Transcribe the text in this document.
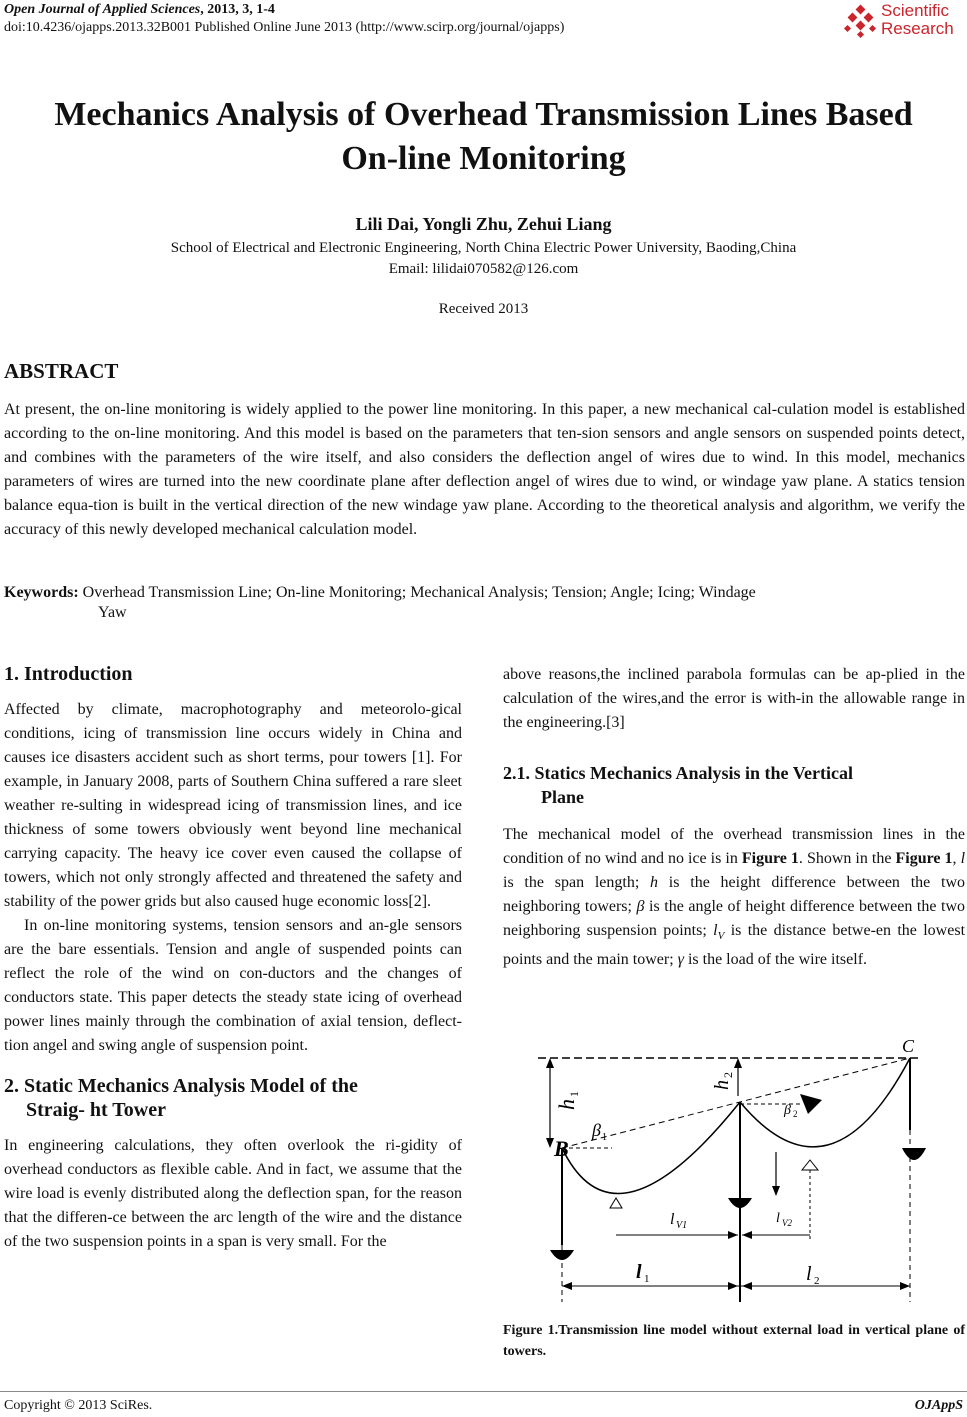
Open Journal of Applied Sciences, 2013, 3, 1-4
doi:10.4236/ojapps.2013.32B001 Published Online June 2013 (http://www.scirp.org/journal/ojapps)
Scientific
Research
Mechanics Analysis of Overhead Transmission Lines Based
On-line Monitoring
Lili Dai, Yongli Zhu, Zehui Liang
School of Electrical and Electronic Engineering, North China Electric Power University, Baoding,China
Email: lilidai070582@126.com
Received 2013
ABSTRACT
At present, the on-line monitoring is widely applied to the power line monitoring. In this paper, a new mechanical cal-culation model is established according to the on-line monitoring. And this model is based on the parameters that ten-sion sensors and angle sensors on suspended points detect, and combines with the parameters of the wire itself, and also considers the deflection angel of wires due to wind. In this model, mechanics parameters of wires are turned into the new coordinate plane after deflection angel of wires due to wind, or windage yaw plane. A statics tension balance equa-tion is built in the vertical direction of the new windage yaw plane. According to the theoretical analysis and algorithm, we verify the accuracy of this newly developed mechanical calculation model.
Keywords: Overhead Transmission Line; On-line Monitoring; Mechanical Analysis; Tension; Angle; Icing; Windage
Yaw
1. Introduction

Affected by climate, macrophotography and meteorolo-gical conditions, icing of transmission line occurs widely in China and causes ice disasters accident such as short terms, pour towers [1]. For example, in January 2008, parts of Southern China suffered a rare sleet weather re-sulting in widespread icing of transmission lines, and ice thickness of some towers obviously went beyond line mechanical carrying capacity. The heavy ice cover even caused the collapse of towers, which not only strongly affected and threatened the safety and stability of the power grids but also caused huge economic loss[2].

In on-line monitoring systems, tension sensors and an-gle sensors are the bare essentials. Tension and angle of suspended points can reflect the role of the wind on con-ductors and the changes of conductors state. This paper detects the steady state icing of overhead power lines mainly through the combination of axial tension, deflect-tion angel and swing angle of suspension point.

2. Static Mechanics Analysis Model of the
Straig- ht Tower

In engineering calculations, they often overlook the ri-gidity of overhead conductors as flexible cable. And in fact, we assume that the wire load is evenly distributed along the deflection span, for the reason that the differen-ce between the arc length of the wire and the distance of the two suspension points in a span is very small. For the

above reasons,the inclined parabola formulas can be ap-plied in the calculation of the wires,and the error is with-in the allowable range in the engineering.[3]

2.1. Statics Mechanics Analysis in the Vertical
Plane

The mechanical model of the overhead transmission lines in the condition of no wind and no ice is in Figure 1. Shown in the Figure 1, l is the span length; h is the height difference between the two neighboring towers; β is the angle of height difference between the two neighboring suspension points; $l_V$ is the distance betwe-en the lowest points and the main tower; γ is the load of the wire itself.

C
B
h
1
h
2
β 1
β 2
l V1	l V2
l 1	l 2
Figure 1.Transmission line model without external load in vertical plane of towers.
Copyright © 2013 SciRes.	OJAppS
